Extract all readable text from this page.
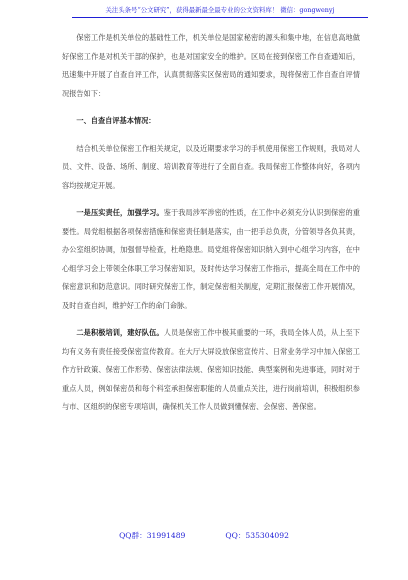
关注头条号“公文研究”，获得最新最全最专业的公文资料库！ 微信：gongwenyj

保密工作是机关单位的基础性工作，机关单位是国家秘密的源头和集中地，在信息高地做好保密工作是对机关干部的保护，也是对国家安全的维护。区局在接到保密工作自查通知后，迅速集中开展了自查自评工作，认真贯彻落实区保密局的通知要求，现将保密工作自查自评情况报告如下：

一、自查自评基本情况：

结合机关单位保密工作相关规定，以及近期要求学习的手机使用保密工作规则，我局对人员、文件、设备、场所、制度、培训教育等进行了全面自查。我局保密工作整体向好，各项内容均按规定开展。

一是压实责任，加强学习。鉴于我局涉军涉密的性质，在工作中必须充分认识到保密的重要性。局党组根据各项保密措施和保密责任制是落实，由一把手总负责，分管领导各负其责，办公室组织协调，加强督导检查，杜绝隐患。局党组将保密知识纳入到中心组学习内容，在中心组学习会上带领全体职工学习保密知识，及时传达学习保密工作指示，提高全局在工作中的保密意识和防范意识。同时研究保密工作，制定保密相关制度，定期汇报保密工作开展情况，及时自查自纠，维护好工作的命门命脉。

二是积极培训，建好队伍。人员是保密工作中极其重要的一环，我局全体人员，从上至下均有义务有责任接受保密宣传教育。在大厅大屏设放保密宣传片、日常业务学习中加入保密工作方针政策、保密工作形势、保密法律法规、保密知识技能、典型案例和先进事迹，同时对于重点人员，例如保密员和每个科室承担保密职能的人员重点关注，进行岗前培训，积极组织参与市、区组织的保密专项培训，确保机关工作人员做到懂保密、会保密、善保密。

QQ群：31991489	QQ：535304092
